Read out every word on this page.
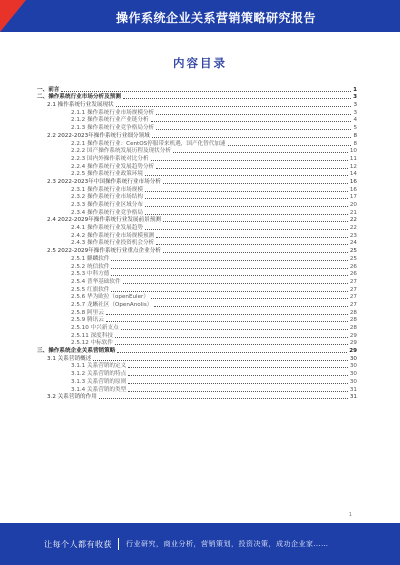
操作系统企业关系营销策略研究报告
内容目录
一、前言	1
二、操作系统行业市场分析及预测	3
2.1 操作系统行业发展现状	3
2.1.1 操作系统行业市场规模分析	3
2.1.2 操作系统行业产业链分析	4
2.1.3 操作系统行业竞争格局分析	5
2.2 2022-2023年操作系统行业细分领域	8
2.2.1 操作系统行业：CentOS停服带来机遇，国产化替代加速	8
2.2.2 国产操作系统发展历程及现状分析	10
2.2.3 国内外操作系统对比分析	11
2.2.4 操作系统行业发展趋势分析	12
2.2.5 操作系统行业政策环境	14
2.3 2022-2023年中国操作系统行业市场分析	16
2.3.1 操作系统行业市场规模	16
2.3.2 操作系统行业市场结构	17
2.3.3 操作系统行业区域分布	20
2.3.4 操作系统行业竞争格局	21
2.4 2022-2029年操作系统行业发展前景预测	22
2.4.1 操作系统行业发展趋势	22
2.4.2 操作系统行业市场规模预测	23
2.4.3 操作系统行业投资机会分析	24
2.5 2022-2029年操作系统行业重点企业分析	25
2.5.1 麒麟软件	25
2.5.2 统信软件	26
2.5.3 中科方德	26
2.5.4 普华基础软件	27
2.5.5 红旗软件	27
2.5.6 华为欧拉（openEuler）	27
2.5.7 龙蜥社区（OpenAnolis）	27
2.5.8 阿里云	28
2.5.9 腾讯云	28
2.5.10 中兴新支点	28
2.5.11 深度科技	29
2.5.12 中标软件	29
三、操作系统企业关系营销策略	29
3.1 关系营销概述	30
3.1.1 关系营销的定义	30
3.1.2 关系营销的特点	30
3.1.3 关系营销的原则	30
3.1.4 关系营销的类型	31
3.2 关系营销的作用	31
1
让每个人都有收获 行业研究，商业分析，营销策划，投资决策，成功企业家……
